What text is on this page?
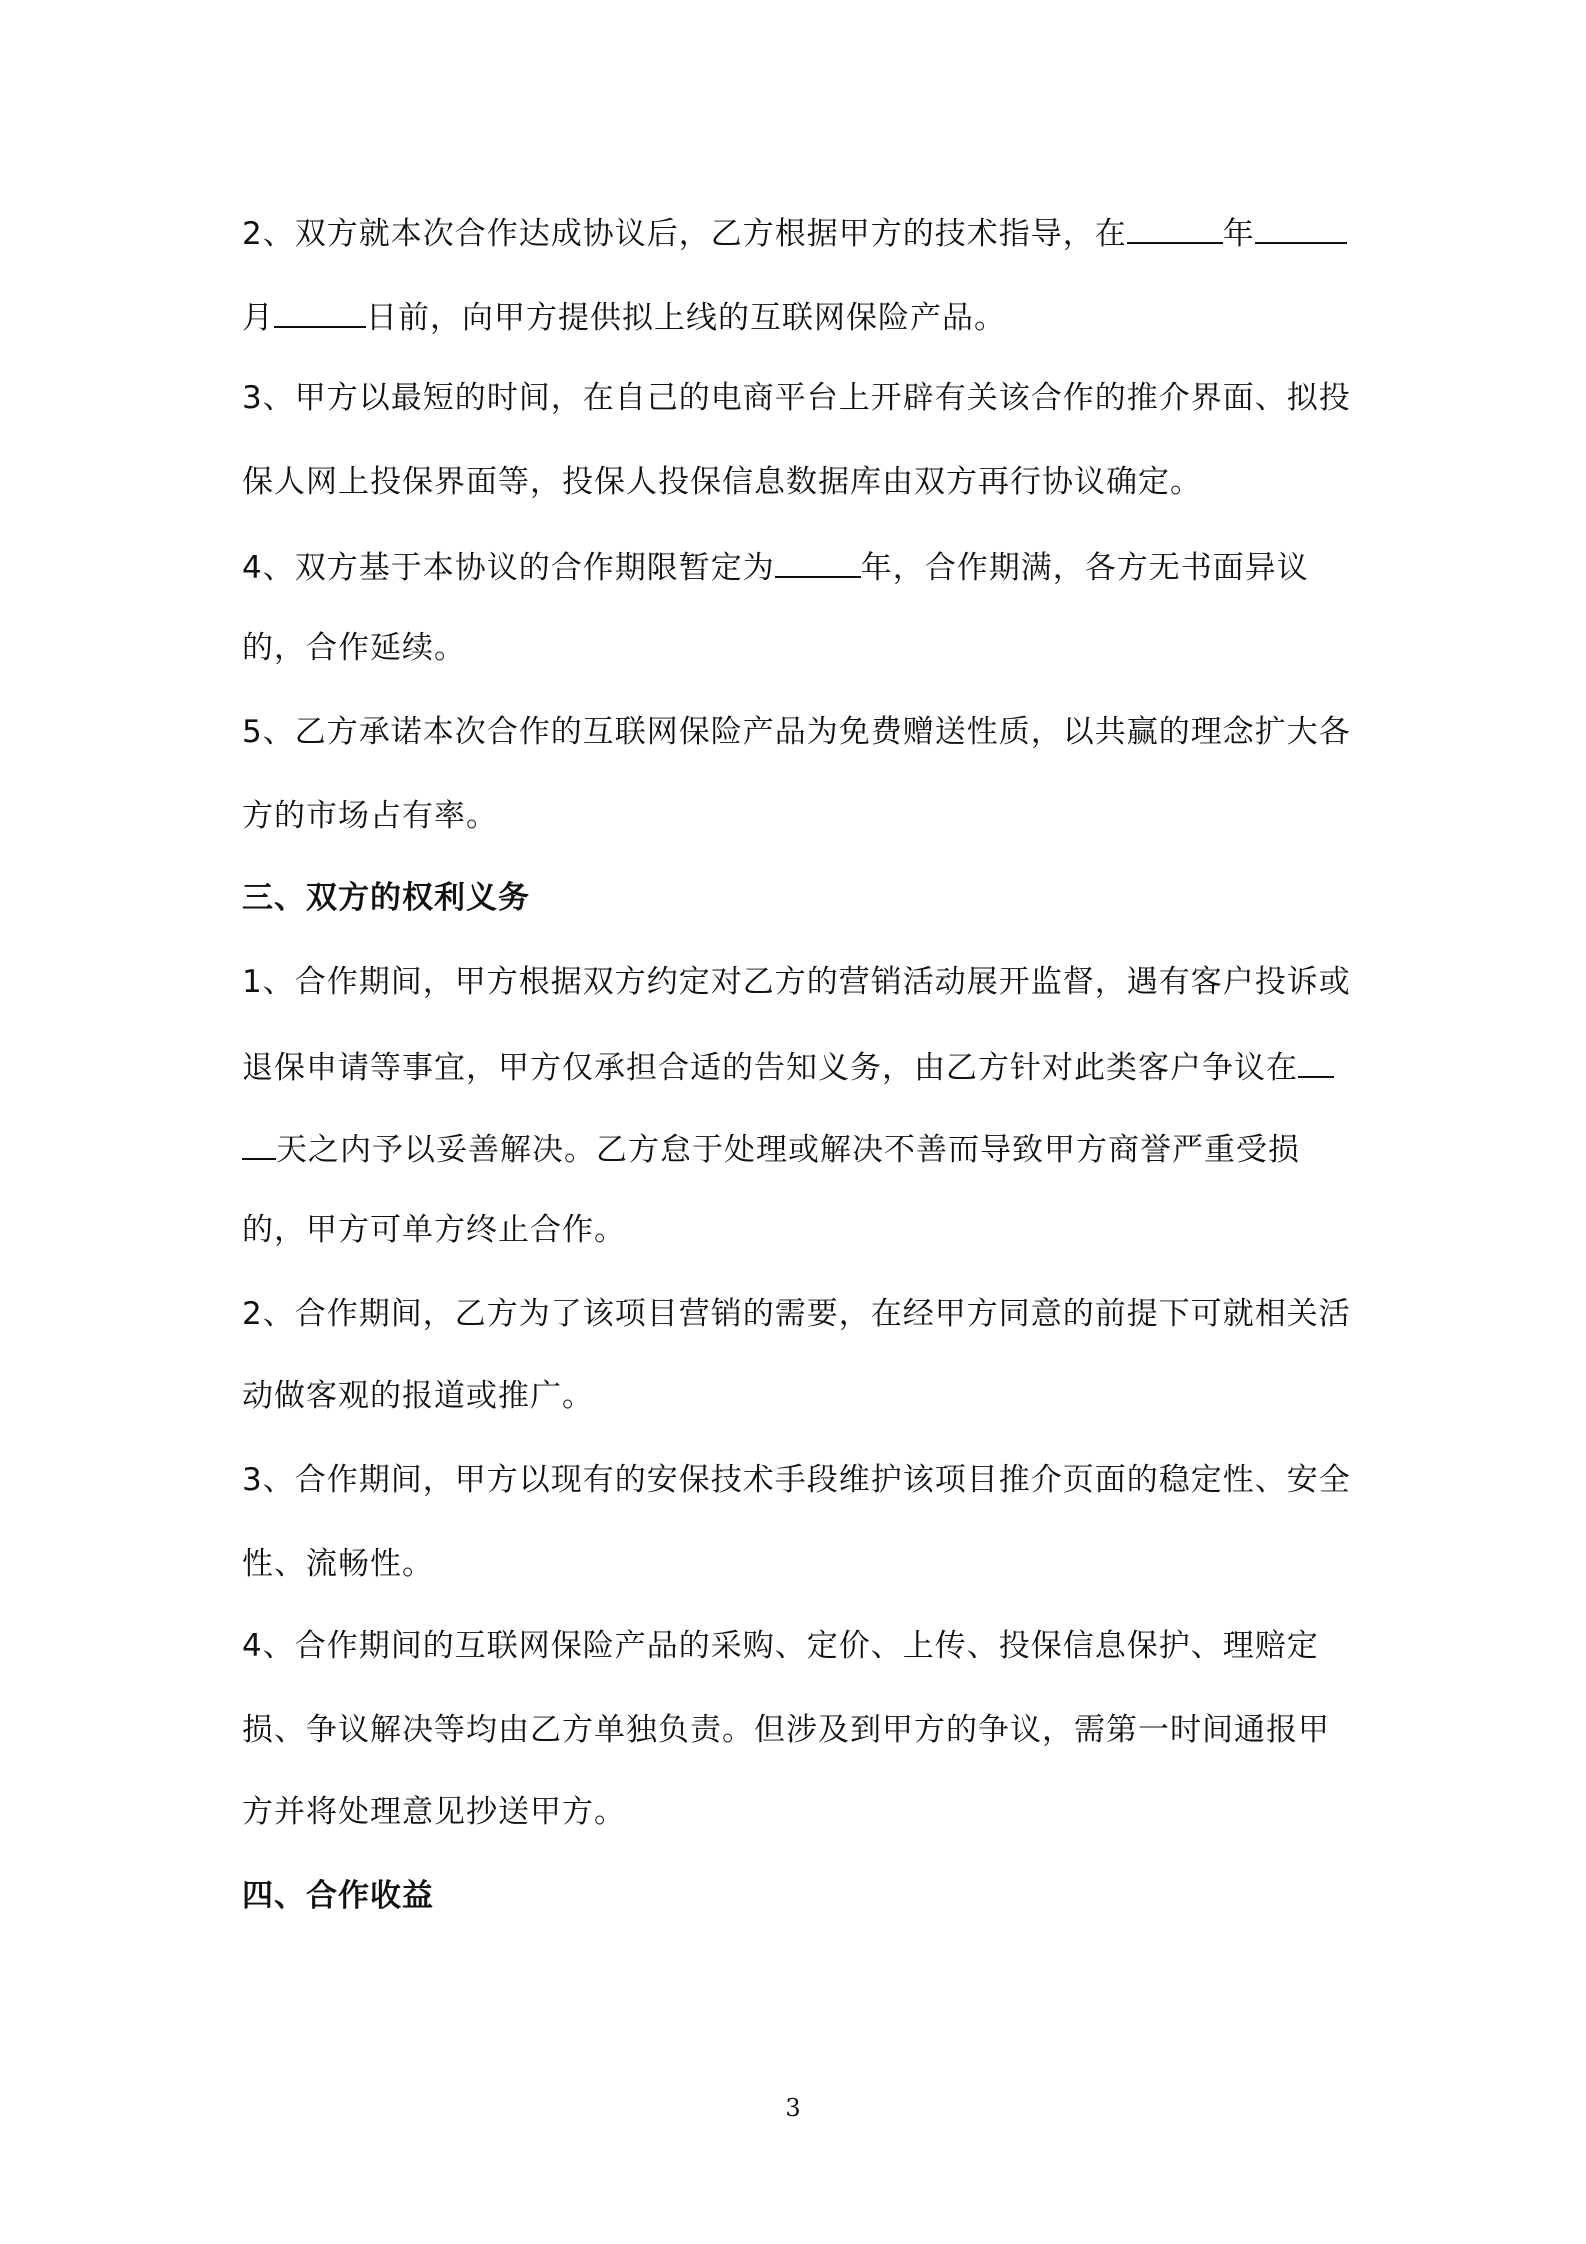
2、双方就本次合作达成协议后，乙方根据甲方的技术指导，在	年
月	日前，向甲方提供拟上线的互联网保险产品。
3、甲方以最短的时间，在自己的电商平台上开辟有关该合作的推介界面、拟投
保人网上投保界面等，投保人投保信息数据库由双方再行协议确定。
4、双方基于本协议的合作期限暂定为	年，合作期满，各方无书面异议
的，合作延续。
5、乙方承诺本次合作的互联网保险产品为免费赠送性质，以共赢的理念扩大各
方的市场占有率。
三、双方的权利义务
1、合作期间，甲方根据双方约定对乙方的营销活动展开监督，遇有客户投诉或
退保申请等事宜，甲方仅承担合适的告知义务，由乙方针对此类客户争议在
天之内予以妥善解决。乙方怠于处理或解决不善而导致甲方商誉严重受损
的，甲方可单方终止合作。
2、合作期间，乙方为了该项目营销的需要，在经甲方同意的前提下可就相关活
动做客观的报道或推广。
3、合作期间，甲方以现有的安保技术手段维护该项目推介页面的稳定性、安全
性、流畅性。
4、合作期间的互联网保险产品的采购、定价、上传、投保信息保护、理赔定
损、争议解决等均由乙方单独负责。但涉及到甲方的争议，需第一时间通报甲
方并将处理意见抄送甲方。
四、合作收益
3
